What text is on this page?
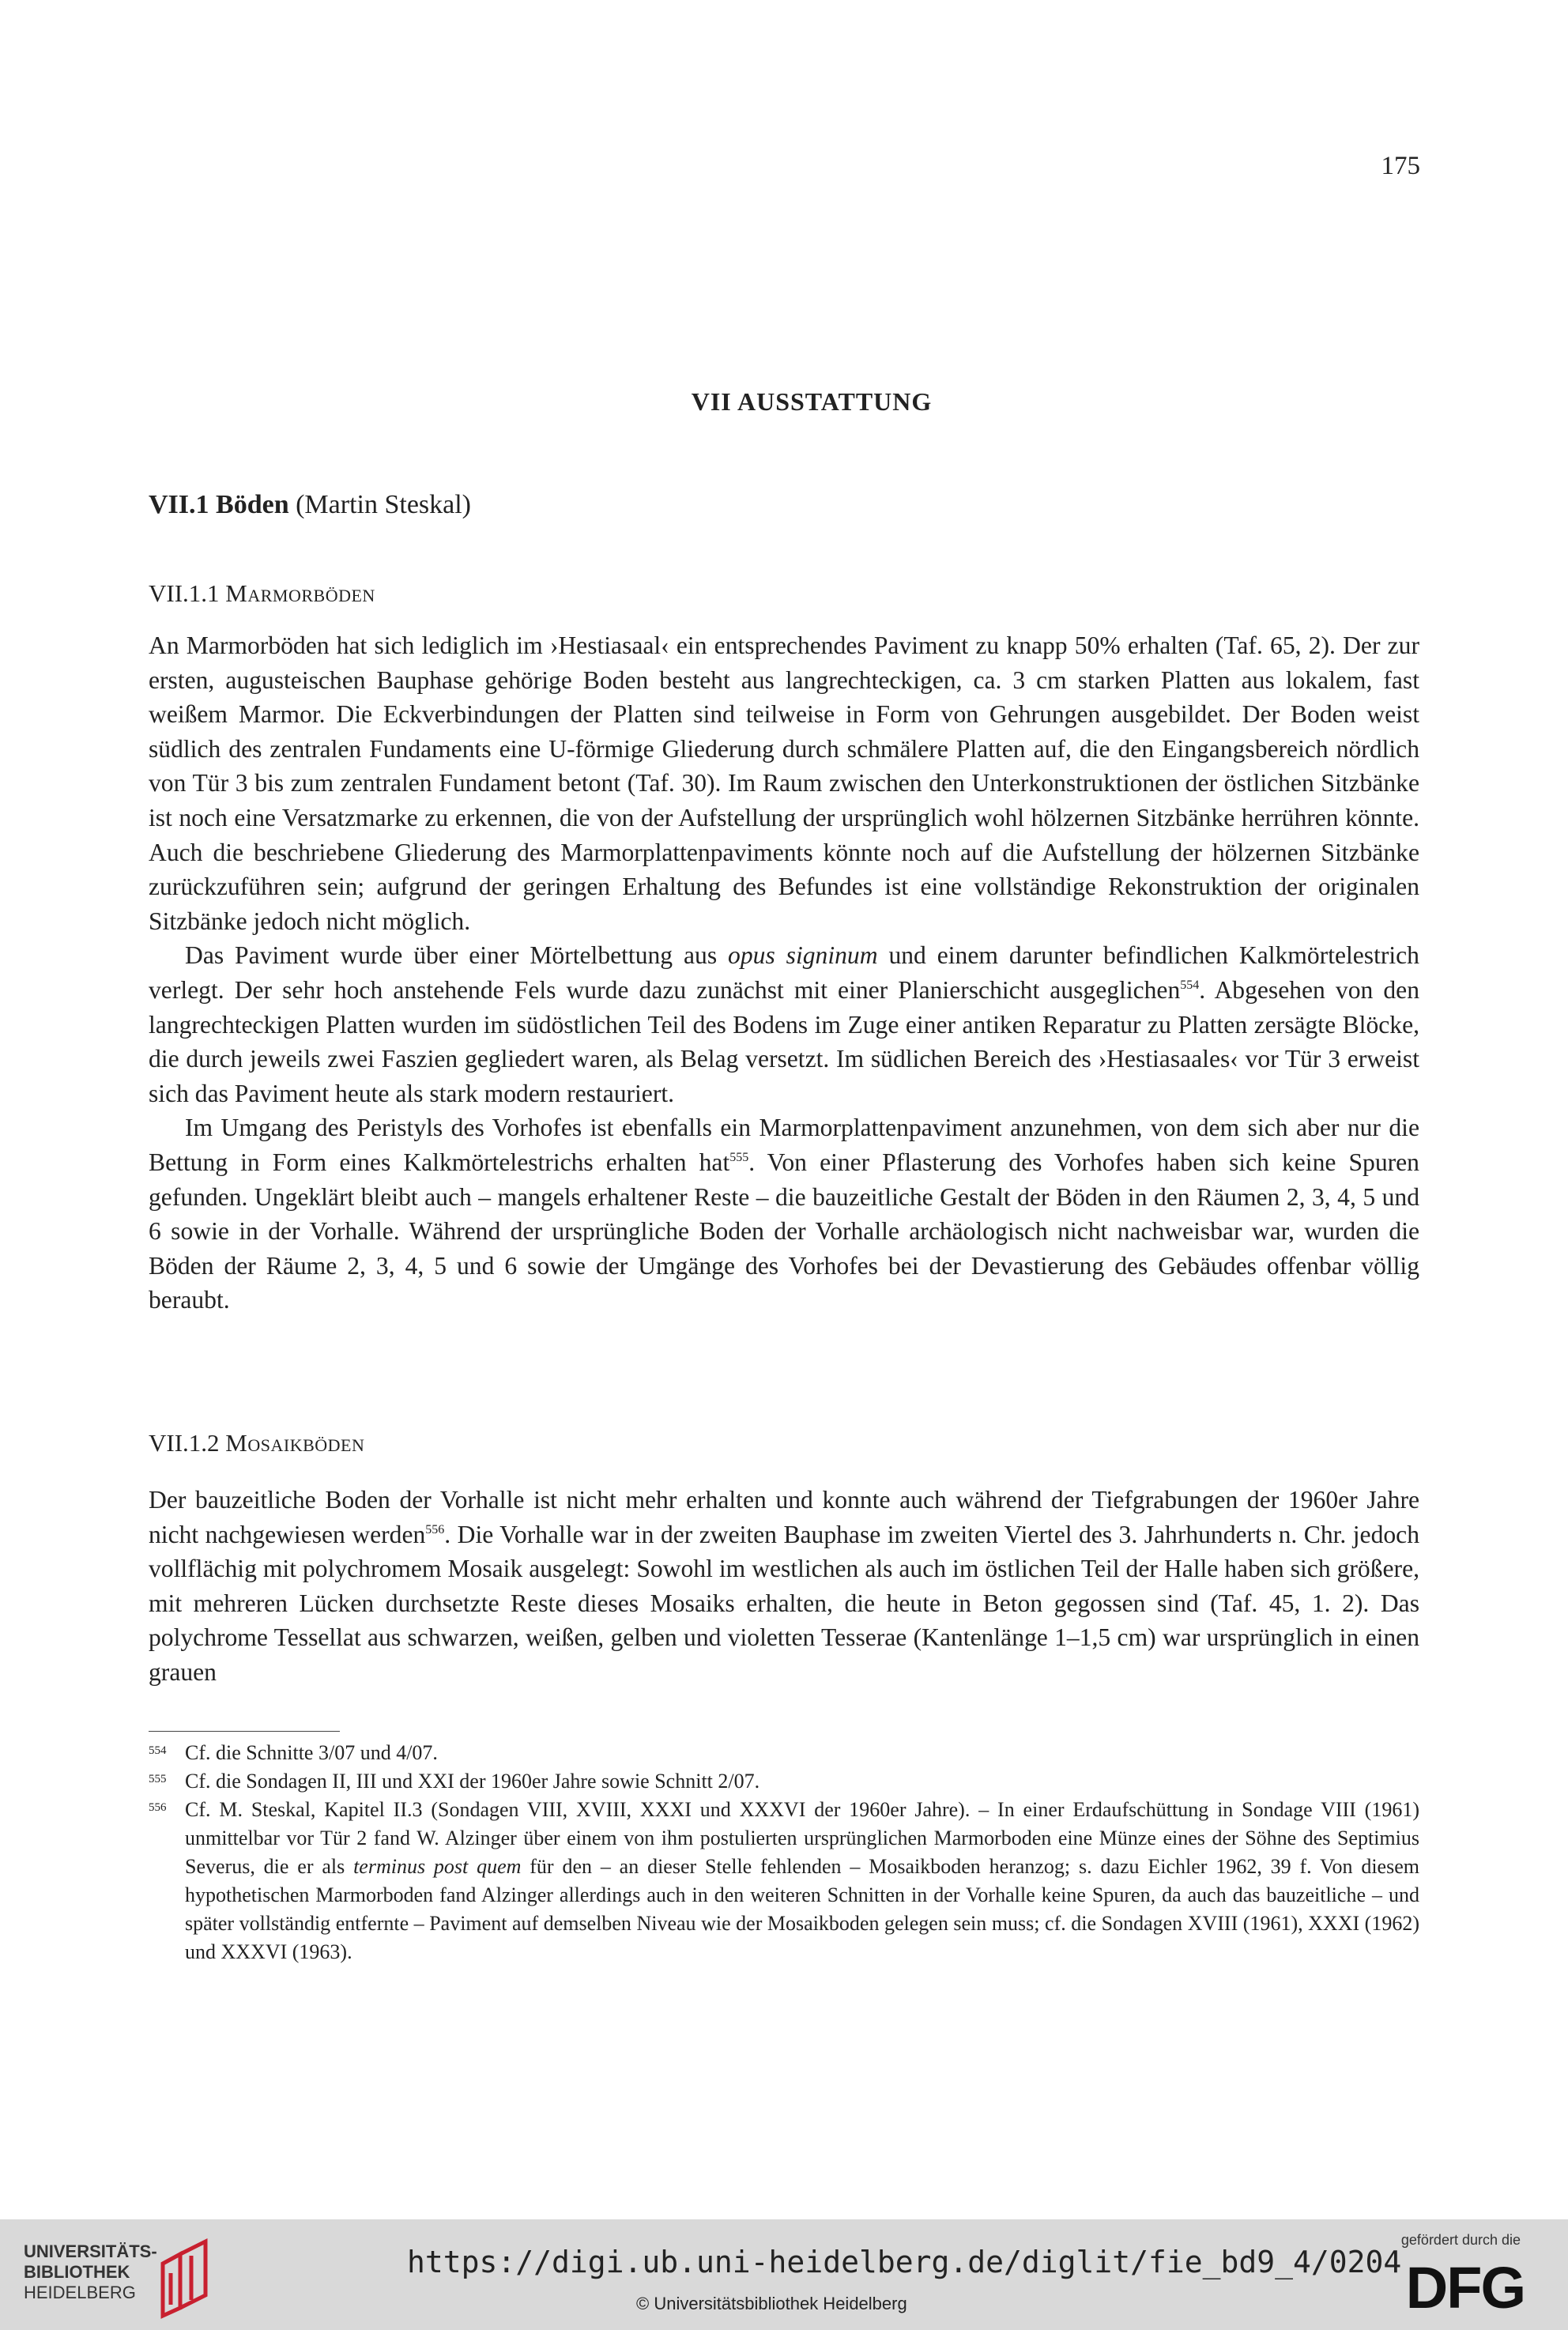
175
VII AUSSTATTUNG
VII.1 Böden (Martin Steskal)
VII.1.1 Marmorböden

An Marmorböden hat sich lediglich im ›Hestiasaal‹ ein entsprechendes Paviment zu knapp 50% erhalten (Taf. 65, 2). Der zur ersten, augusteischen Bauphase gehörige Boden besteht aus langrechteckigen, ca. 3 cm starken Platten aus lokalem, fast weißem Marmor. Die Eckverbindungen der Platten sind teilweise in Form von Gehrungen ausgebildet. Der Boden weist südlich des zentralen Fundaments eine U-förmige Gliederung durch schmälere Platten auf, die den Eingangsbereich nördlich von Tür 3 bis zum zentralen Fundament betont (Taf. 30). Im Raum zwischen den Unterkonstruktionen der östlichen Sitzbänke ist noch eine Versatzmarke zu erkennen, die von der Aufstellung der ursprünglich wohl hölzernen Sitzbänke herrühren könnte. Auch die beschriebene Gliederung des Marmorplattenpaviments könnte noch auf die Aufstellung der hölzernen Sitzbänke zurückzuführen sein; aufgrund der geringen Erhaltung des Befundes ist eine vollständige Rekonstruktion der originalen Sitzbänke jedoch nicht möglich.

Das Paviment wurde über einer Mörtelbettung aus opus signinum und einem darunter befindlichen Kalkmörtelestrich verlegt. Der sehr hoch anstehende Fels wurde dazu zunächst mit einer Planierschicht ausgeglichen$^{554}$. Abgesehen von den langrechteckigen Platten wurden im südöstlichen Teil des Bodens im Zuge einer antiken Reparatur zu Platten zersägte Blöcke, die durch jeweils zwei Faszien gegliedert waren, als Belag versetzt. Im südlichen Bereich des ›Hestiasaales‹ vor Tür 3 erweist sich das Paviment heute als stark modern restauriert.

Im Umgang des Peristyls des Vorhofes ist ebenfalls ein Marmorplattenpaviment anzunehmen, von dem sich aber nur die Bettung in Form eines Kalkmörtelestrichs erhalten hat$^{555}$. Von einer Pflasterung des Vorhofes haben sich keine Spuren gefunden. Ungeklärt bleibt auch – mangels erhaltener Reste – die bauzeitliche Gestalt der Böden in den Räumen 2, 3, 4, 5 und 6 sowie in der Vorhalle. Während der ursprüngliche Boden der Vorhalle archäologisch nicht nachweisbar war, wurden die Böden der Räume 2, 3, 4, 5 und 6 sowie der Umgänge des Vorhofes bei der Devastierung des Gebäudes offenbar völlig beraubt.

VII.1.2 Mosaikböden

Der bauzeitliche Boden der Vorhalle ist nicht mehr erhalten und konnte auch während der Tiefgrabungen der 1960er Jahre nicht nachgewiesen werden$^{556}$. Die Vorhalle war in der zweiten Bauphase im zweiten Viertel des 3. Jahrhunderts n. Chr. jedoch vollflächig mit polychromem Mosaik ausgelegt: Sowohl im westlichen als auch im östlichen Teil der Halle haben sich größere, mit mehreren Lücken durchsetzte Reste dieses Mosaiks erhalten, die heute in Beton gegossen sind (Taf. 45, 1. 2). Das polychrome Tessellat aus schwarzen, weißen, gelben und violetten Tesserae (Kantenlänge 1–1,5 cm) war ursprünglich in einen grauen

554 Cf. die Schnitte 3/07 und 4/07.
555 Cf. die Sondagen II, III und XXI der 1960er Jahre sowie Schnitt 2/07.
556 Cf. M. Steskal, Kapitel II.3 (Sondagen VIII, XVIII, XXXI und XXXVI der 1960er Jahre). – In einer Erdaufschüttung in Sondage VIII (1961) unmittelbar vor Tür 2 fand W. Alzinger über einem von ihm postulierten ursprünglichen Marmorboden eine Münze eines der Söhne des Septimius Severus, die er als terminus post quem für den – an dieser Stelle fehlenden – Mosaikboden heranzog; s. dazu Eichler 1962, 39 f. Von diesem hypothetischen Marmorboden fand Alzinger allerdings auch in den weiteren Schnitten in der Vorhalle keine Spuren, da auch das bauzeitliche – und später vollständig entfernte – Paviment auf demselben Niveau wie der Mosaikboden gelegen sein muss; cf. die Sondagen XVIII (1961), XXXI (1962) und XXXVI (1963).
UNIVERSITÄTS-
BIBLIOTHEK
HEIDELBERG
https://digi.ub.uni-heidelberg.de/diglit/fie_bd9_4/0204
© Universitätsbibliothek Heidelberg
gefördert durch die
DFG
